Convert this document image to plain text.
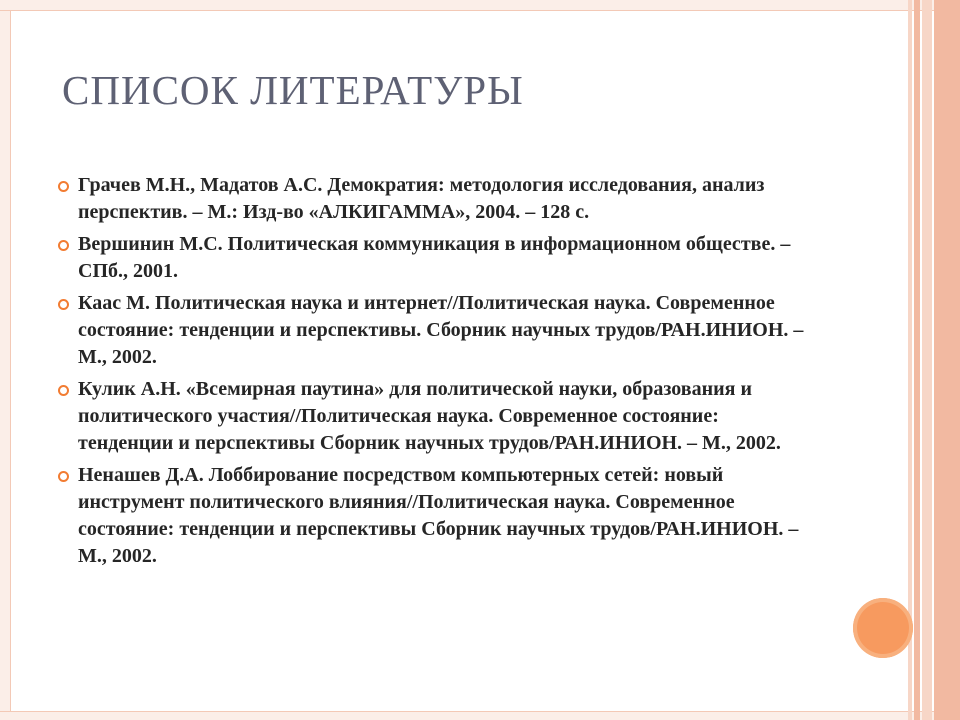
СПИСОК ЛИТЕРАТУРЫ
Грачев М.Н., Мадатов А.С. Демократия: методология исследования, анализ перспектив. – М.: Изд-во «АЛКИГАММА», 2004. – 128 с.
Вершинин М.С. Политическая коммуникация в информационном обществе. – СПб., 2001.
Каас М. Политическая наука и интернет//Политическая наука. Современное состояние: тенденции и перспективы. Сборник научных трудов/РАН.ИНИОН. – М., 2002.
Кулик А.Н. «Всемирная паутина» для политической науки, образования и политического участия//Политическая наука. Современное состояние: тенденции и перспективы Сборник научных трудов/РАН.ИНИОН. – М., 2002.
Ненашев Д.А. Лоббирование посредством компьютерных сетей: новый инструмент политического влияния//Политическая наука. Современное состояние: тенденции и перспективы Сборник научных трудов/РАН.ИНИОН. – М., 2002.
